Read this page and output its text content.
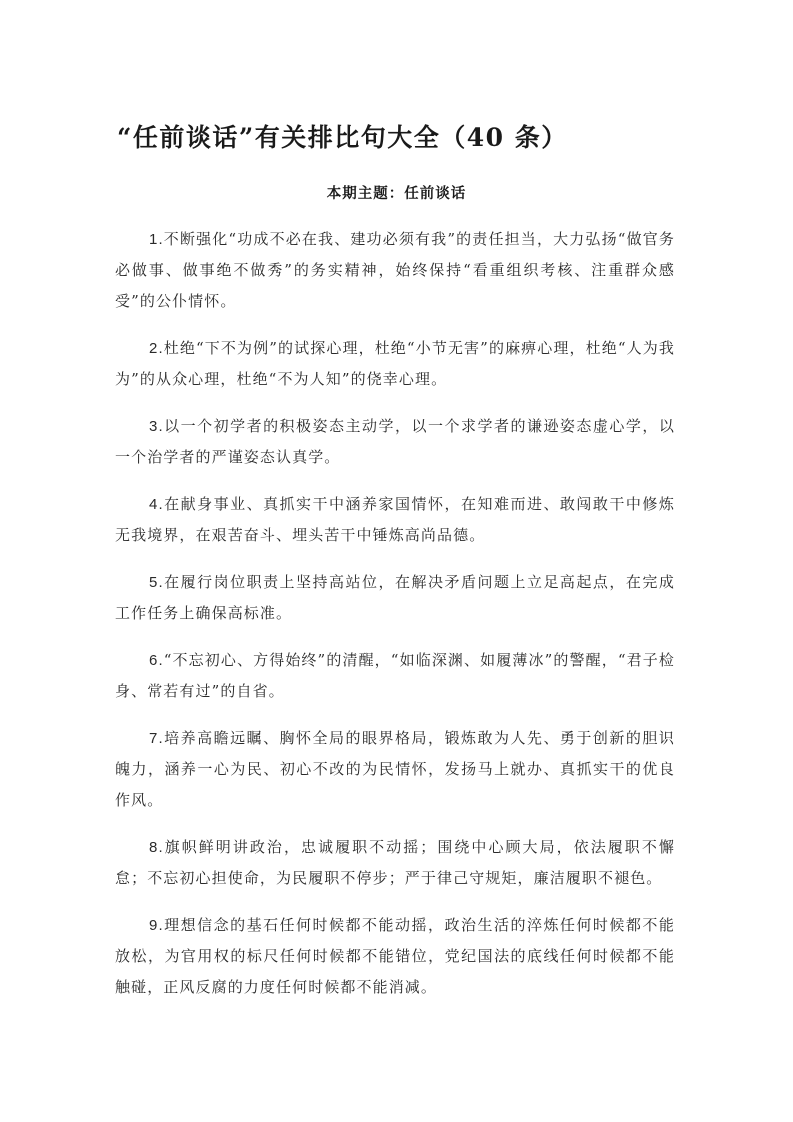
“任前谈话”有关排比句大全（40 条）
本期主题：任前谈话

1.不断强化“功成不必在我、建功必须有我”的责任担当，大力弘扬“做官务必做事、做事绝不做秀”的务实精神，始终保持“看重组织考核、注重群众感受”的公仆情怀。

2.杜绝“下不为例”的试探心理，杜绝“小节无害”的麻痹心理，杜绝“人为我为”的从众心理，杜绝“不为人知”的侥幸心理。

3.以一个初学者的积极姿态主动学，以一个求学者的谦逊姿态虚心学，以一个治学者的严谨姿态认真学。

4.在献身事业、真抓实干中涵养家国情怀，在知难而进、敢闯敢干中修炼无我境界，在艰苦奋斗、埋头苦干中锤炼高尚品德。

5.在履行岗位职责上坚持高站位，在解决矛盾问题上立足高起点，在完成工作任务上确保高标准。

6.“不忘初心、方得始终”的清醒，“如临深渊、如履薄冰”的警醒，“君子检身、常若有过”的自省。

7.培养高瞻远瞩、胸怀全局的眼界格局，锻炼敢为人先、勇于创新的胆识魄力，涵养一心为民、初心不改的为民情怀，发扬马上就办、真抓实干的优良作风。

8.旗帜鲜明讲政治，忠诚履职不动摇；围绕中心顾大局，依法履职不懈怠；不忘初心担使命，为民履职不停步；严于律己守规矩，廉洁履职不褪色。

9.理想信念的基石任何时候都不能动摇，政治生活的淬炼任何时候都不能放松，为官用权的标尺任何时候都不能错位，党纪国法的底线任何时候都不能触碰，正风反腐的力度任何时候都不能消减。
